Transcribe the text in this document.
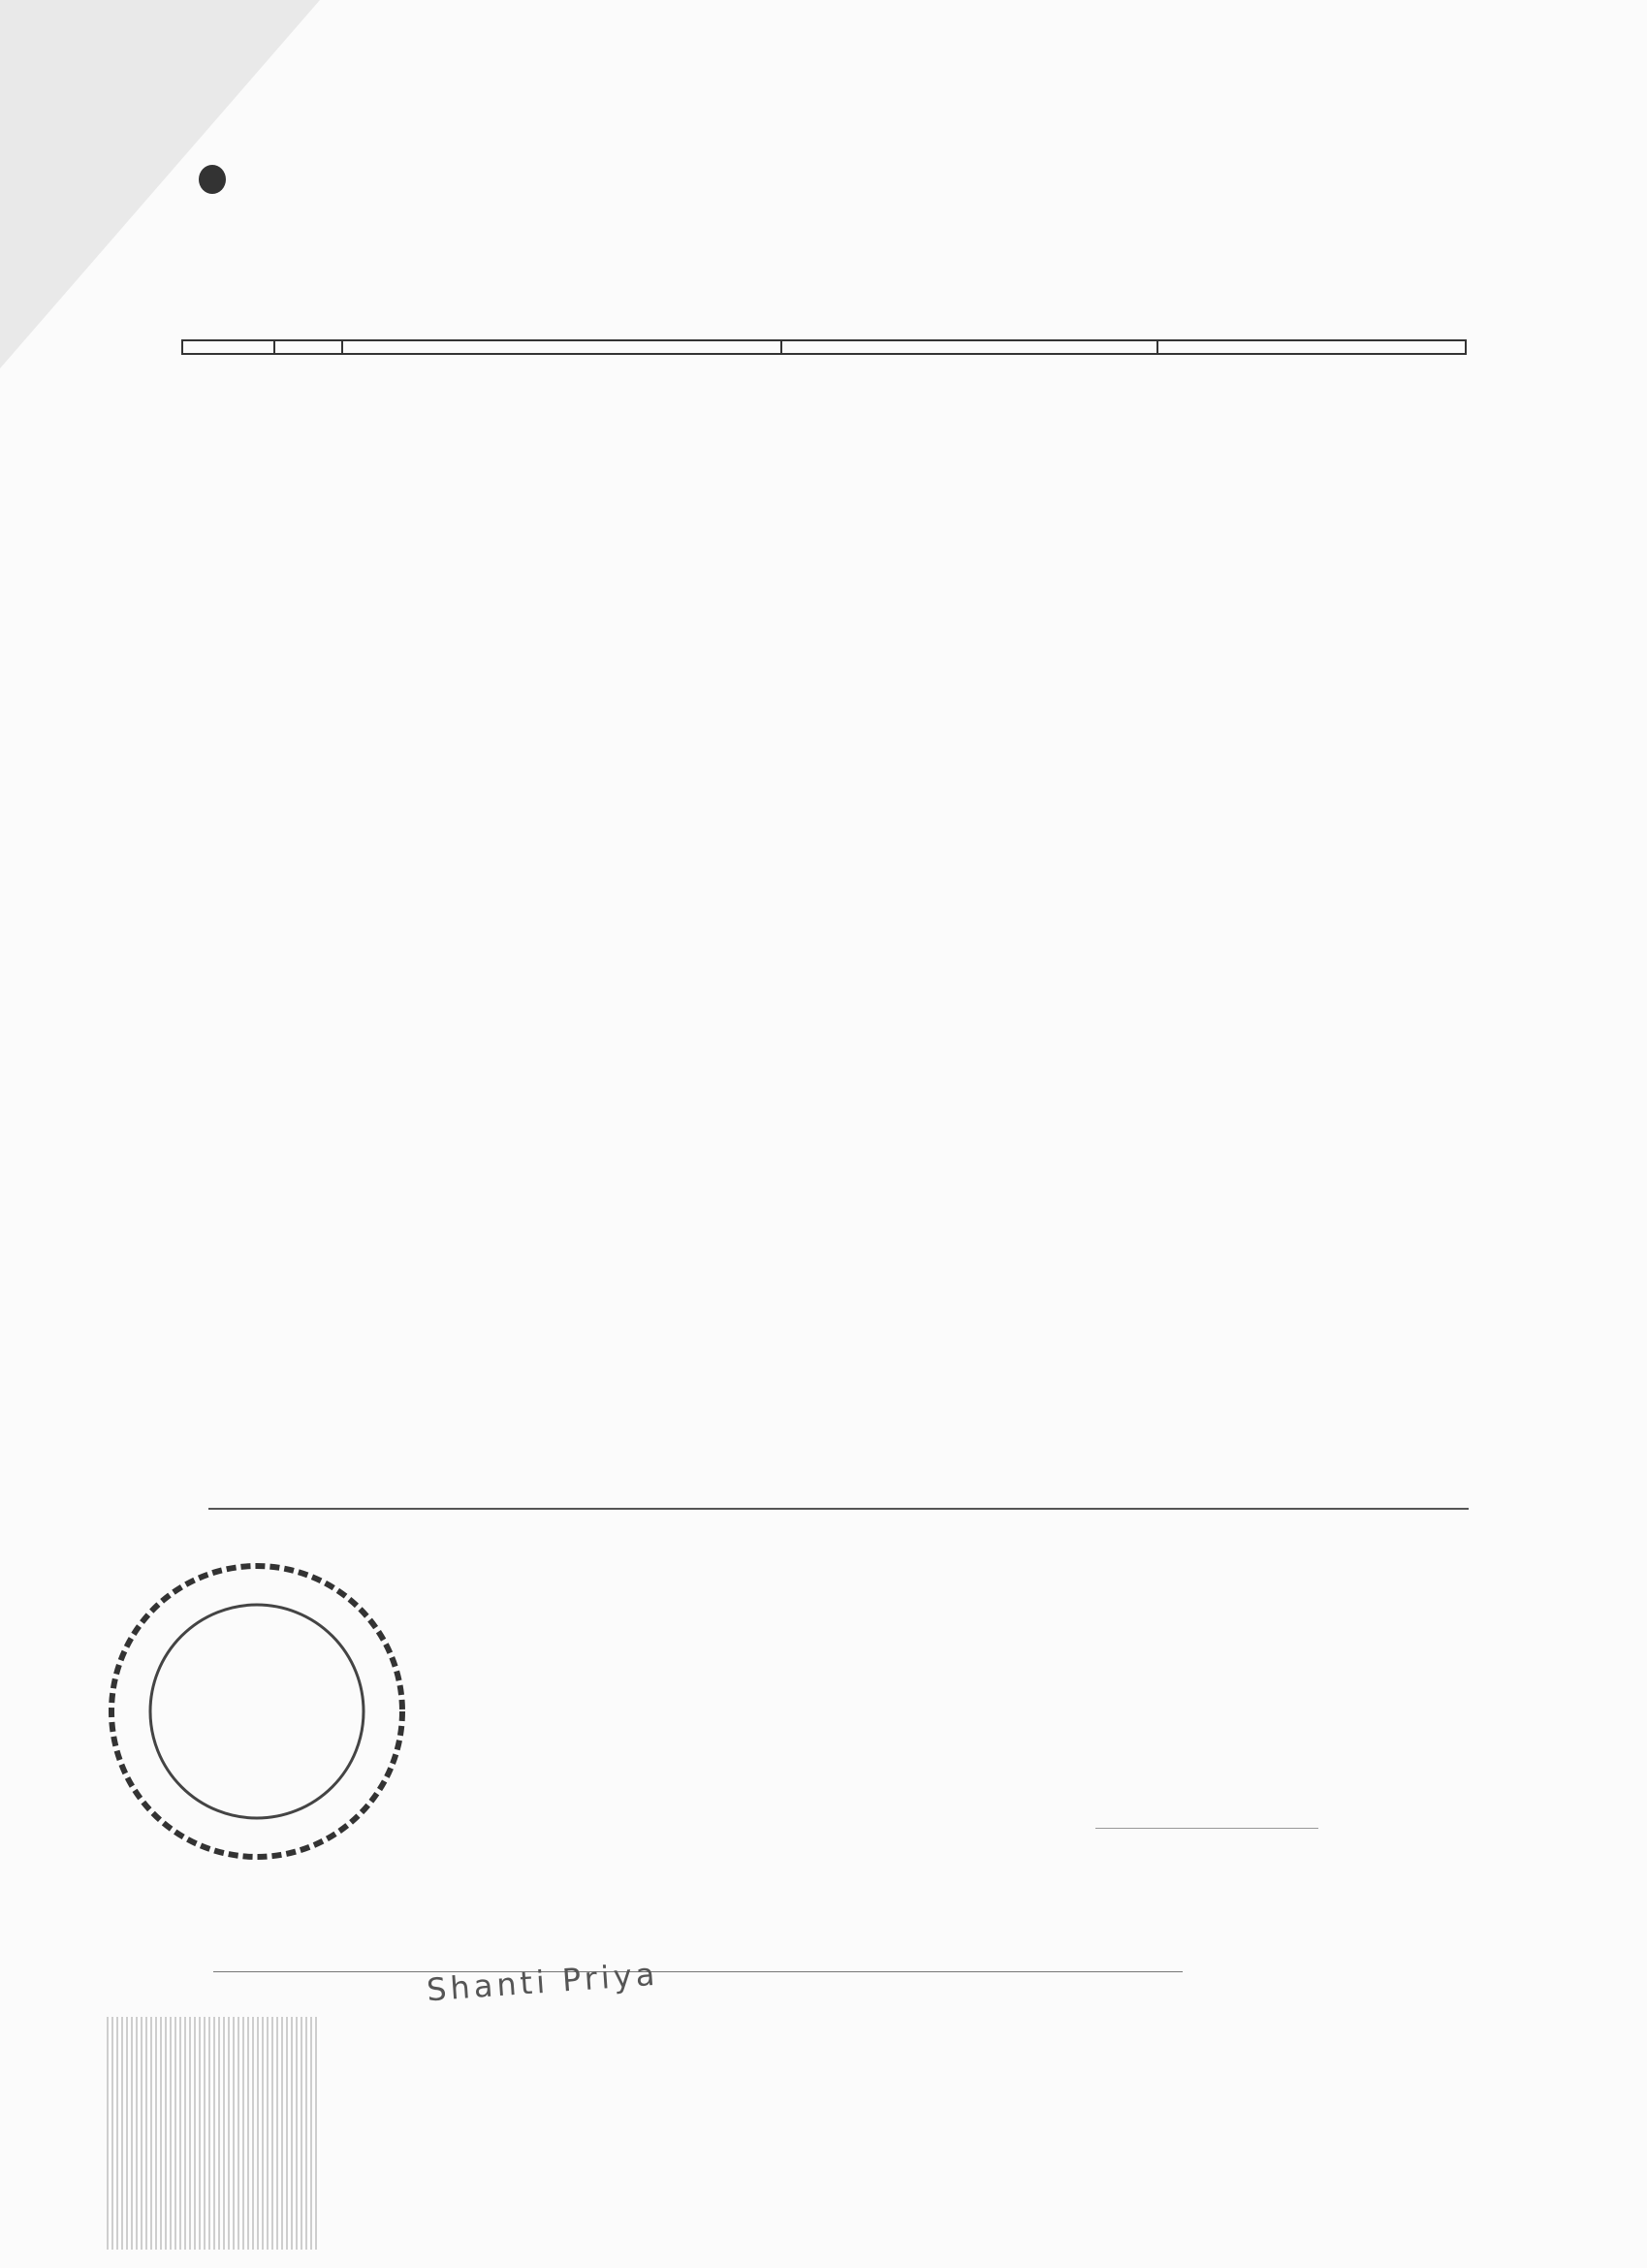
Shanti Priya
